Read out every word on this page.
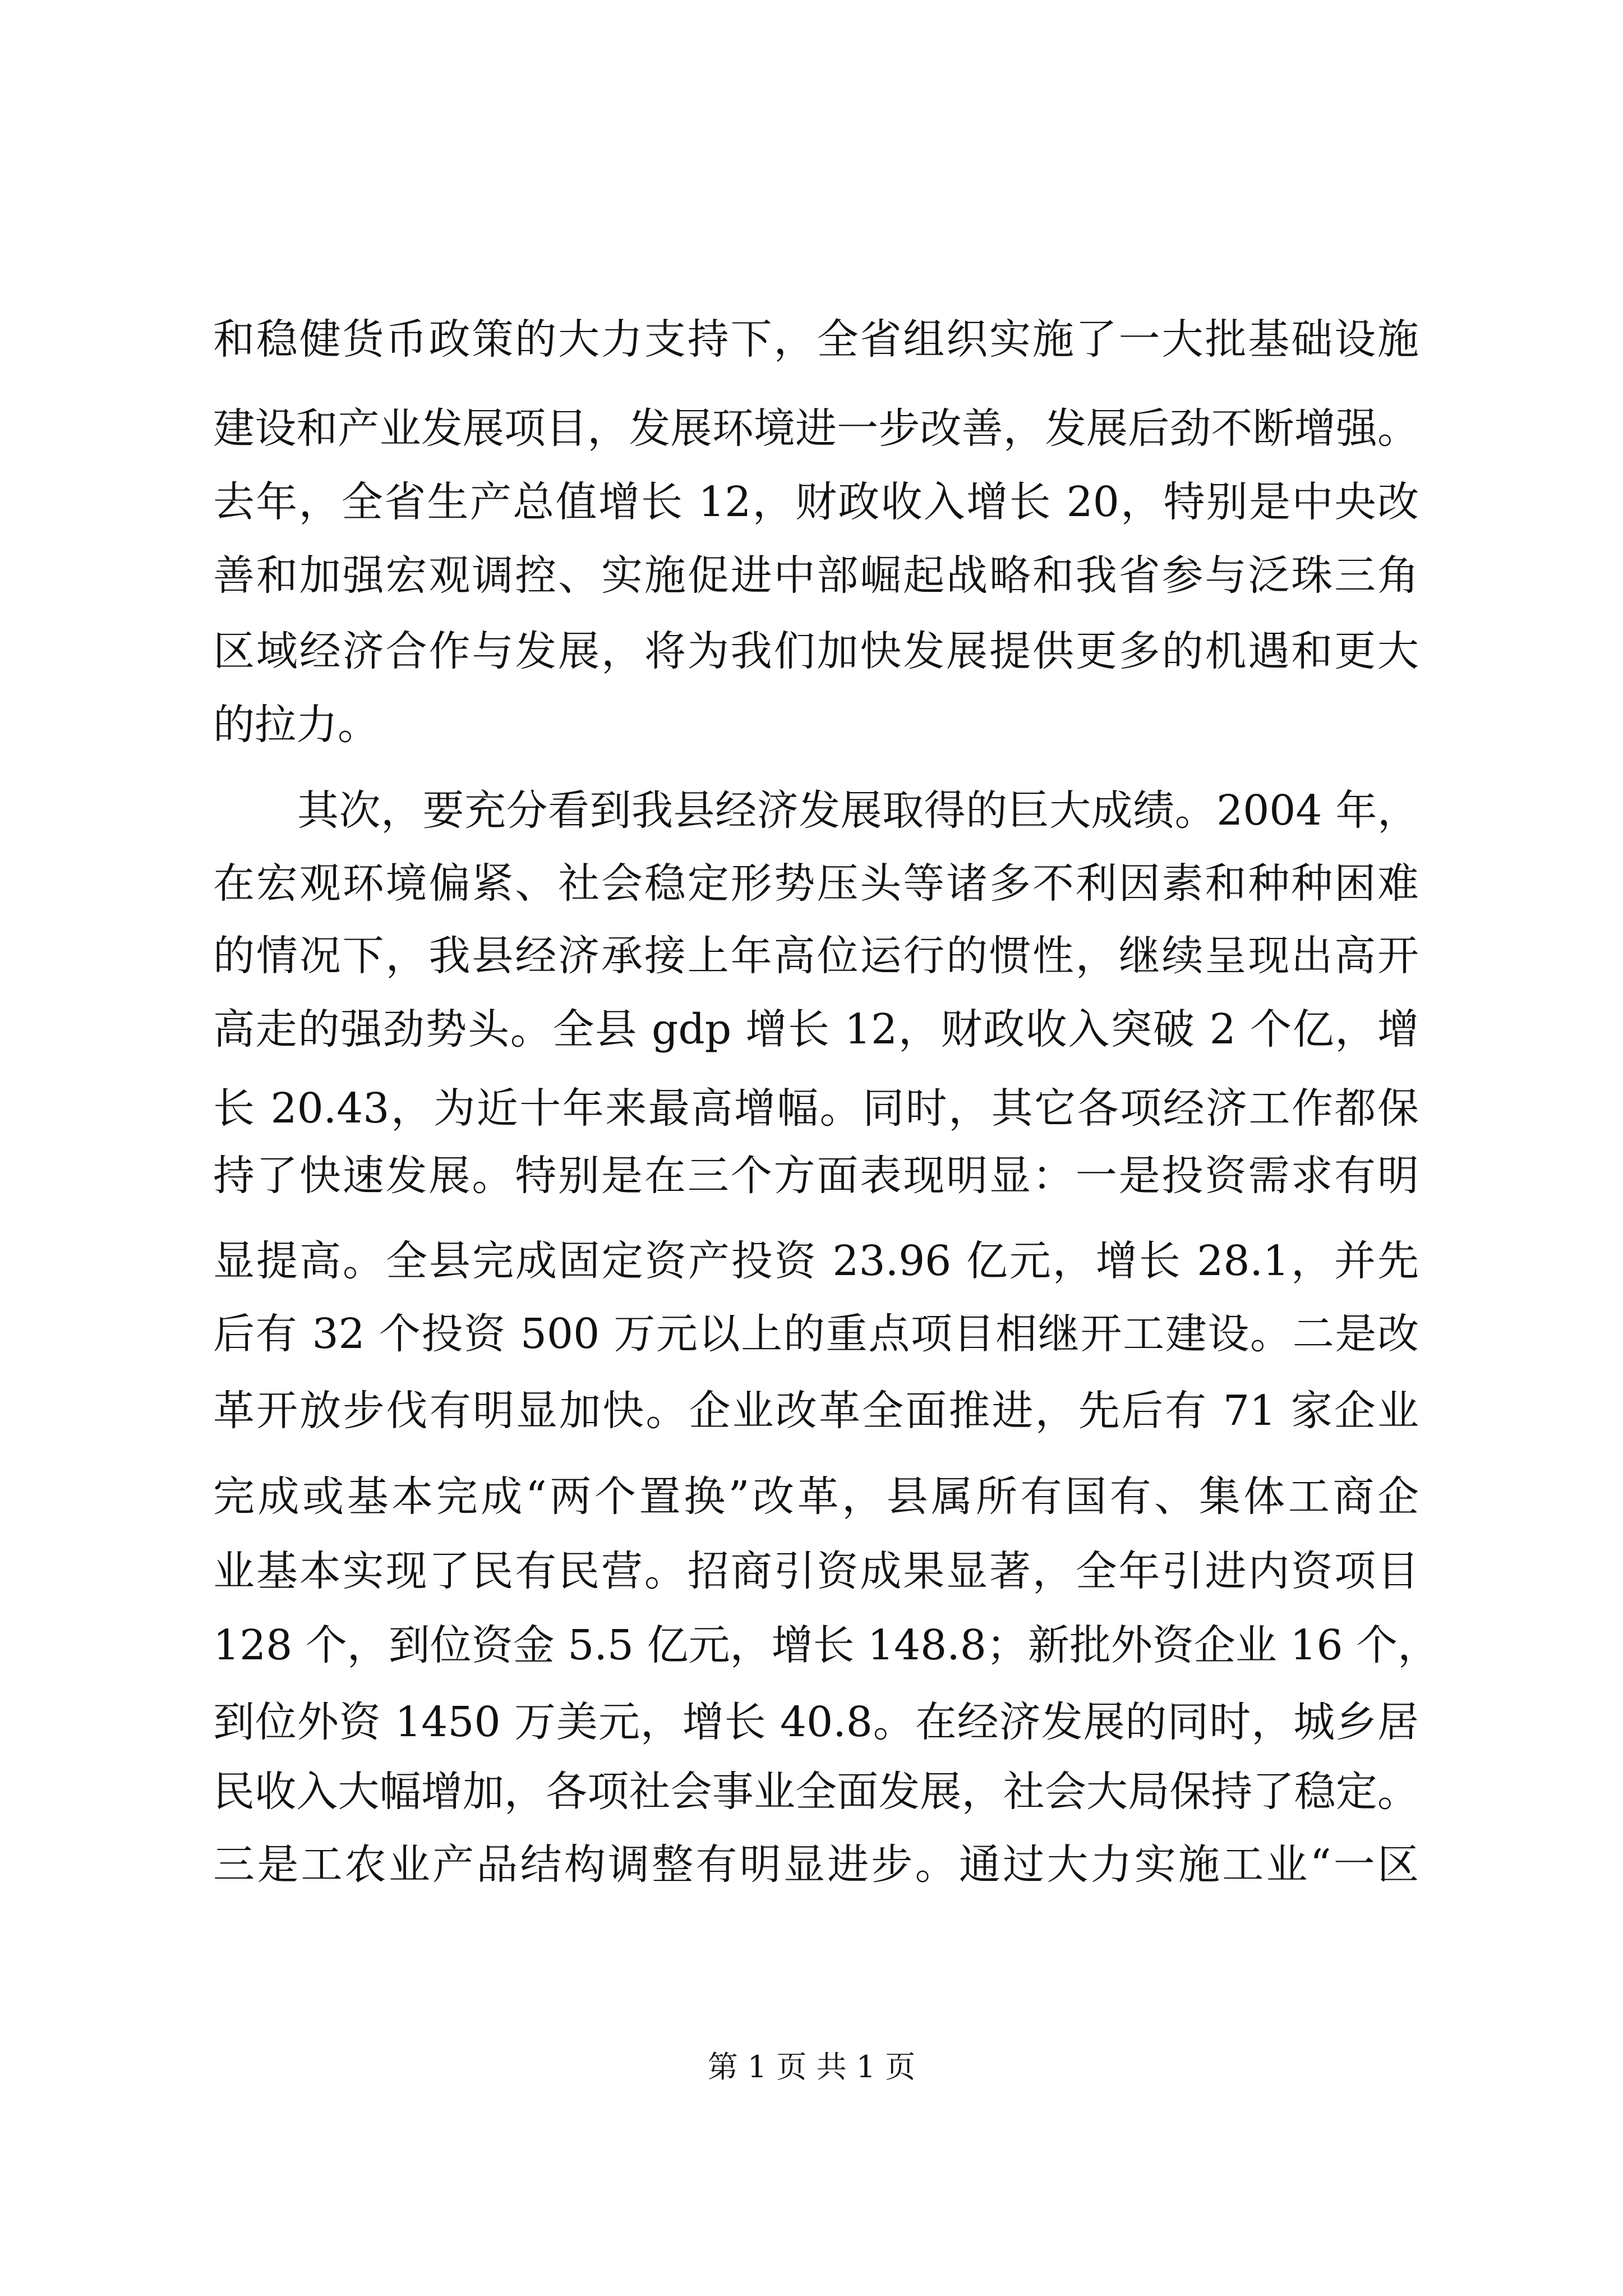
和稳健货币政策的大力支持下，全省组织实施了一大批基础设施
建设和产业发展项目，发展环境进一步改善，发展后劲不断增强。
去年，全省生产总值增长 12，财政收入增长 20，特别是中央改
善和加强宏观调控、实施促进中部崛起战略和我省参与泛珠三角
区域经济合作与发展，将为我们加快发展提供更多的机遇和更大
的拉力。
其次，要充分看到我县经济发展取得的巨大成绩。2004 年，
在宏观环境偏紧、社会稳定形势压头等诸多不利因素和种种困难
的情况下，我县经济承接上年高位运行的惯性，继续呈现出高开
高走的强劲势头。全县 gdp 增长 12，财政收入突破 2 个亿，增
长 20.43，为近十年来最高增幅。同时，其它各项经济工作都保
持了快速发展。特别是在三个方面表现明显：一是投资需求有明
显提高。全县完成固定资产投资 23.96 亿元，增长 28.1，并先
后有 32 个投资 500 万元以上的重点项目相继开工建设。二是改
革开放步伐有明显加快。企业改革全面推进，先后有 71 家企业
完成或基本完成“两个置换”改革，县属所有国有、集体工商企
业基本实现了民有民营。招商引资成果显著，全年引进内资项目
128 个，到位资金 5.5 亿元，增长 148.8；新批外资企业 16 个，
到位外资 1450 万美元，增长 40.8。在经济发展的同时，城乡居
民收入大幅增加，各项社会事业全面发展，社会大局保持了稳定。
三是工农业产品结构调整有明显进步。通过大力实施工业“一区
第 1 页 共 1 页
